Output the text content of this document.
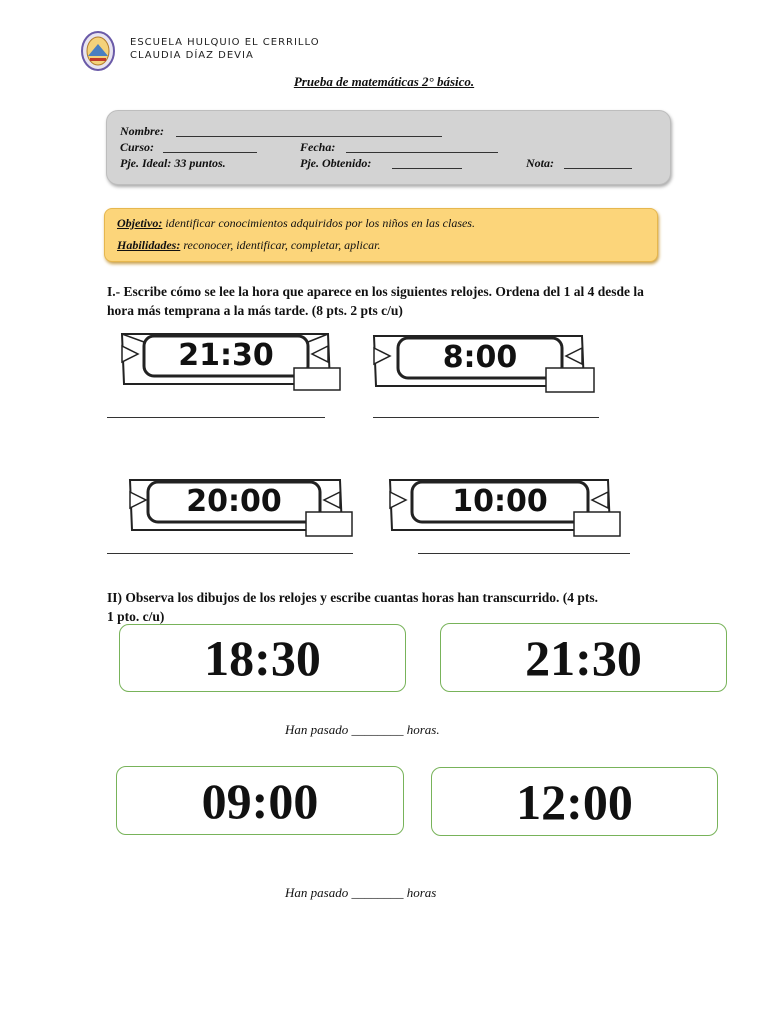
ESCUELA HULQUIO EL CERRILLO
CLAUDIA DÍAZ DEVIA
Prueba de matemáticas 2° básico.
Nombre:
Curso:	Fecha:
Pje. Ideal: 33 puntos.	Pje. Obtenido:	Nota:
Objetivo: identificar conocimientos adquiridos por los niños en las clases.
Habilidades: reconocer, identificar, completar, aplicar.
I.- Escribe cómo se lee la hora que aparece en los siguientes relojes. Ordena del 1 al 4 desde la hora más temprana a la más tarde. (8 pts. 2 pts c/u)
21:30	8:00
20:00	10:00
II) Observa los dibujos de los relojes y escribe cuantas horas han transcurrido. (4 pts. 1 pto. c/u)
18:30	21:30
Han pasado ________ horas.
09:00	12:00
Han pasado ________ horas
